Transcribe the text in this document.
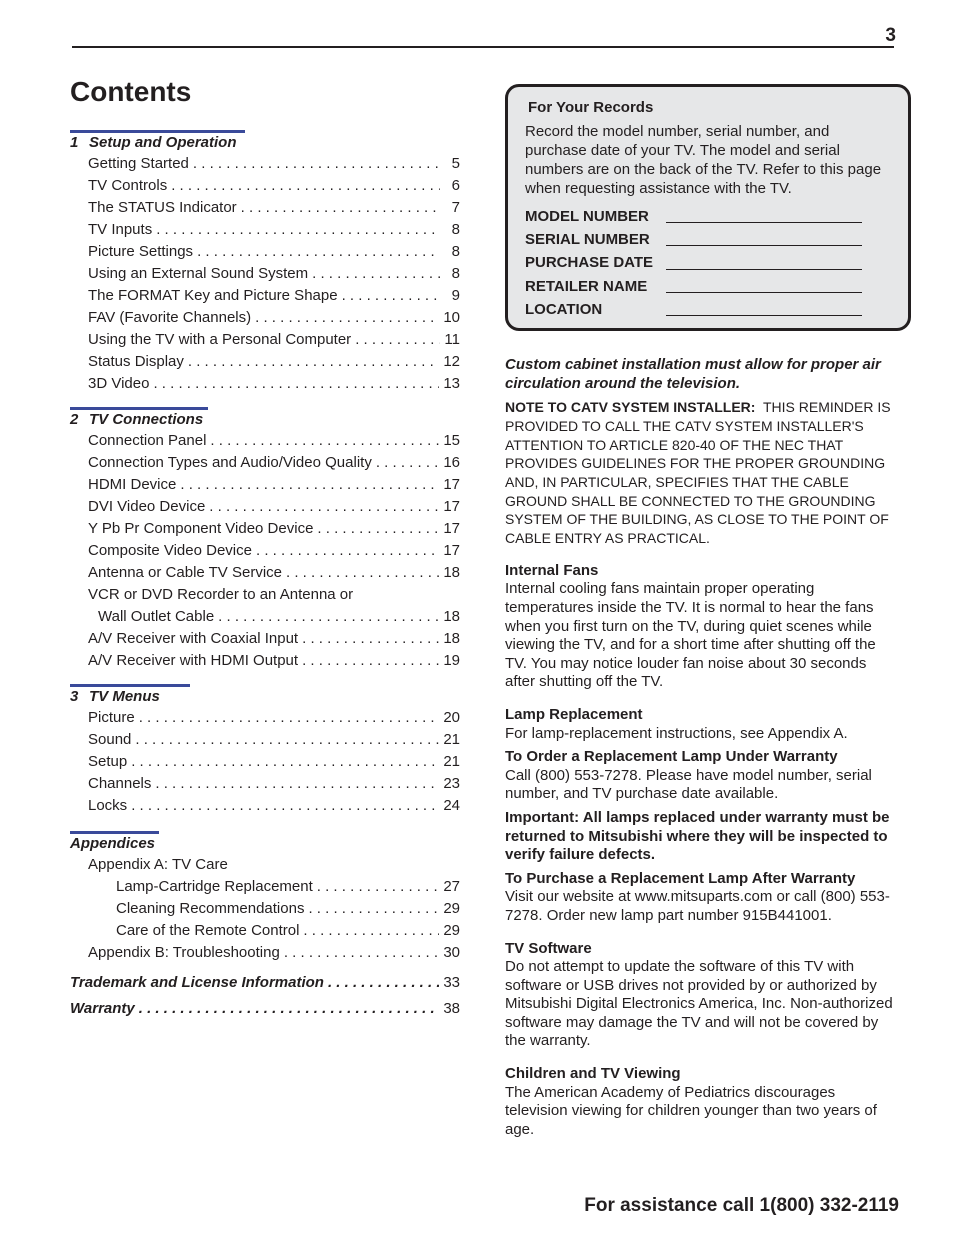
3
Contents
1 Setup and Operation
Getting Started . . .	5
TV Controls . . .	6
The STATUS Indicator . . .	7
TV Inputs . . .	8
Picture Settings . . .	8
Using an External Sound System . . .	8
The FORMAT Key and Picture Shape . . .	9
FAV (Favorite Channels) . . .	10
Using the TV with a Personal Computer . . .	11
Status Display . . .	12
3D Video . . .	13
2 TV Connections
Connection Panel . . .	15
Connection Types and Audio/Video Quality . . .	16
HDMI Device . . .	17
DVI Video Device . . .	17
Y Pb Pr Component Video Device . . .	17
Composite Video Device . . .	17
Antenna or Cable TV Service . . .	18
VCR or DVD Recorder to an Antenna or
Wall Outlet Cable . . .	18
A/V Receiver with Coaxial Input . . .	18
A/V Receiver with HDMI Output . . .	19
3 TV Menus
Picture . . .	20
Sound . . .	21
Setup . . .	21
Channels . . .	23
Locks . . .	24
Appendices
Appendix A: TV Care
Lamp-Cartridge Replacement . . .	27
Cleaning Recommendations . . .	29
Care of the Remote Control . . .	29
Appendix B: Troubleshooting . . .	30
Trademark and License Information . . .	33
Warranty . . .	38
For Your Records
Record the model number, serial number, and purchase date of your TV. The model and serial numbers are on the back of the TV. Refer to this page when requesting assistance with the TV.
MODEL NUMBER
SERIAL NUMBER
PURCHASE DATE
RETAILER NAME
LOCATION

Custom cabinet installation must allow for proper air circulation around the television.

NOTE TO CATV SYSTEM INSTALLER: THIS REMINDER IS PROVIDED TO CALL THE CATV SYSTEM INSTALLER'S ATTENTION TO ARTICLE 820-40 OF THE NEC THAT PROVIDES GUIDELINES FOR THE PROPER GROUNDING AND, IN PARTICULAR, SPECIFIES THAT THE CABLE GROUND SHALL BE CONNECTED TO THE GROUNDING SYSTEM OF THE BUILDING, AS CLOSE TO THE POINT OF CABLE ENTRY AS PRACTICAL.

Internal Fans

Internal cooling fans maintain proper operating temperatures inside the TV. It is normal to hear the fans when you first turn on the TV, during quiet scenes while viewing the TV, and for a short time after shutting off the TV. You may notice louder fan noise about 30 seconds after shutting off the TV.

Lamp Replacement

For lamp-replacement instructions, see Appendix A.

To Order a Replacement Lamp Under Warranty

Call (800) 553-7278. Please have model number, serial number, and TV purchase date available.

Important: All lamps replaced under warranty must be returned to Mitsubishi where they will be inspected to verify failure defects.

To Purchase a Replacement Lamp After Warranty

Visit our website at www.mitsuparts.com or call (800) 553-7278. Order new lamp part number 915B441001.

TV Software

Do not attempt to update the software of this TV with software or USB drives not provided by or authorized by Mitsubishi Digital Electronics America, Inc. Non-authorized software may damage the TV and will not be covered by the warranty.

Children and TV Viewing

The American Academy of Pediatrics discourages television viewing for children younger than two years of age.

For assistance call 1(800) 332-2119
